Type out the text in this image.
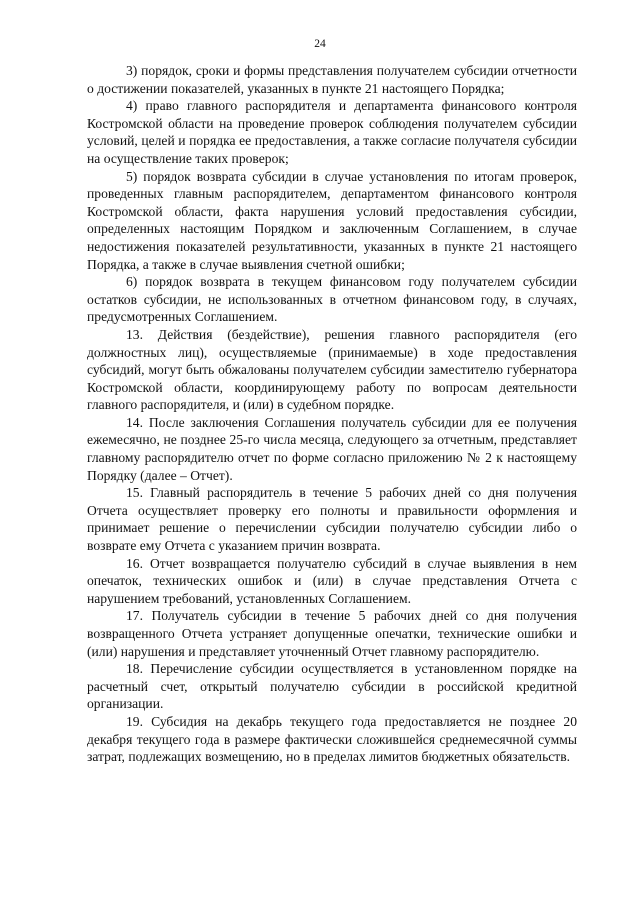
24

3) порядок, сроки и формы представления получателем субсидии отчетности о достижении показателей, указанных в пункте 21 настоящего Порядка;

4) право главного распорядителя и департамента финансового контроля Костромской области на проведение проверок соблюдения получателем субсидии условий, целей и порядка ее предоставления, а также согласие получателя субсидии на осуществление таких проверок;

5) порядок возврата субсидии в случае установления по итогам проверок, проведенных главным распорядителем, департаментом финансового контроля Костромской области, факта нарушения условий предоставления субсидии, определенных настоящим Порядком и заключенным Соглашением, в случае недостижения показателей результативности, указанных в пункте 21 настоящего Порядка, а также в случае выявления счетной ошибки;

6) порядок возврата в текущем финансовом году получателем субсидии остатков субсидии, не использованных в отчетном финансовом году, в случаях, предусмотренных Соглашением.

13. Действия (бездействие), решения главного распорядителя (его должностных лиц), осуществляемые (принимаемые) в ходе предоставления субсидий, могут быть обжалованы получателем субсидии заместителю губернатора Костромской области, координирующему работу по вопросам деятельности главного распорядителя, и (или) в судебном порядке.

14. После заключения Соглашения получатель субсидии для ее получения ежемесячно, не позднее 25-го числа месяца, следующего за отчетным, представляет главному распорядителю отчет по форме согласно приложению № 2 к настоящему Порядку (далее – Отчет).

15. Главный распорядитель в течение 5 рабочих дней со дня получения Отчета осуществляет проверку его полноты и правильности оформления и принимает решение о перечислении субсидии получателю субсидии либо о возврате ему Отчета с указанием причин возврата.

16. Отчет возвращается получателю субсидий в случае выявления в нем опечаток, технических ошибок и (или) в случае представления Отчета с нарушением требований, установленных Соглашением.

17. Получатель субсидии в течение 5 рабочих дней со дня получения возвращенного Отчета устраняет допущенные опечатки, технические ошибки и (или) нарушения и представляет уточненный Отчет главному распорядителю.

18. Перечисление субсидии осуществляется в установленном порядке на расчетный счет, открытый получателю субсидии в российской кредитной организации.

19. Субсидия на декабрь текущего года предоставляется не позднее 20 декабря текущего года в размере фактически сложившейся среднемесячной суммы затрат, подлежащих возмещению, но в пределах лимитов бюджетных обязательств.
